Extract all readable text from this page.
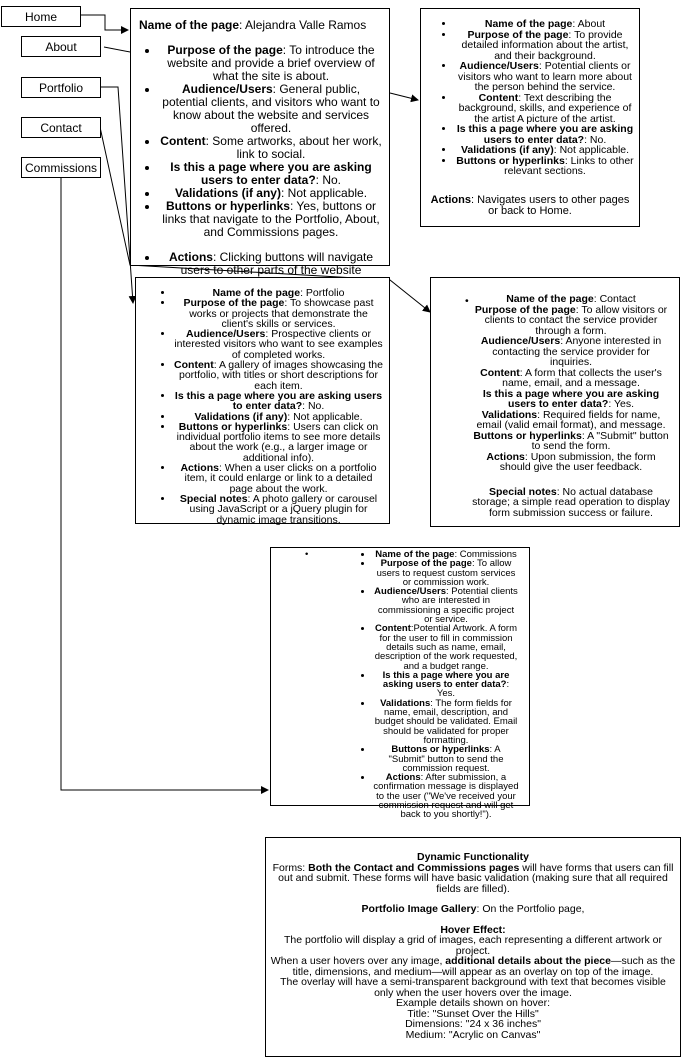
Home
About
Portfolio
Contact
Commissions
Name of the page: Alejandra Valle Ramos
• Purpose of the page: To introduce the website and provide a brief overview of what the site is about.
• Audience/Users: General public, potential clients, and visitors who want to know about the website and services offered.
• Content: Some artworks, about her work, link to social.
• Is this a page where you are asking users to enter data?: No.
• Validations (if any): Not applicable.
• Buttons or hyperlinks: Yes, buttons or links that navigate to the Portfolio, About, and Commissions pages.
• Actions: Clicking buttons will navigate users to other parts of the website
• Name of the page: About
• Purpose of the page: To provide detailed information about the artist, and their background.
• Audience/Users: Potential clients or visitors who want to learn more about the person behind the service.
• Content: Text describing the background, skills, and experience of the artist A picture of the artist.
• Is this a page where you are asking users to enter data?: No.
• Validations (if any): Not applicable.
• Buttons or hyperlinks: Links to other relevant sections.
Actions: Navigates users to other pages or back to Home.
• Name of the page: Portfolio
• Purpose of the page: To showcase past works or projects that demonstrate the client's skills or services.
• Audience/Users: Prospective clients or interested visitors who want to see examples of completed works.
• Content: A gallery of images showcasing the portfolio, with titles or short descriptions for each item.
• Is this a page where you are asking users to enter data?: No.
• Validations (if any): Not applicable.
• Buttons or hyperlinks: Users can click on individual portfolio items to see more details about the work (e.g., a larger image or additional info).
• Actions: When a user clicks on a portfolio item, it could enlarge or link to a detailed page about the work.
• Special notes: A photo gallery or carousel using JavaScript or a jQuery plugin for dynamic image transitions.
•	Name of the page: Contact
Purpose of the page: To allow visitors or clients to contact the service provider through a form.
Audience/Users: Anyone interested in contacting the service provider for inquiries.
Content: A form that collects the user's name, email, and a message.
Is this a page where you are asking users to enter data?: Yes.
Validations: Required fields for name, email (valid email format), and message.
Buttons or hyperlinks: A "Submit" button to send the form.
Actions: Upon submission, the form should give the user feedback.
Special notes: No actual database storage; a simple read operation to display form submission success or failure.
•
•	Name of the page: Commissions
• Purpose of the page: To allow users to request custom services or commission work.
• Audience/Users: Potential clients who are interested in commissioning a specific project or service.
• Content:Potential Artwork. A form for the user to fill in commission details such as name, email, description of the work requested, and a budget range.
• Is this a page where you are asking users to enter data?: Yes.
• Validations: The form fields for name, email, description, and budget should be validated. Email should be validated for proper formatting.
• Buttons or hyperlinks: A "Submit" button to send the commission request.
• Actions: After submission, a confirmation message is displayed to the user ("We've received your commission request and will get back to you shortly!").
Dynamic Functionality
Forms: Both the Contact and Commissions pages will have forms that users can fill out and submit. These forms will have basic validation (making sure that all required fields are filled).
Portfolio Image Gallery: On the Portfolio page,
Hover Effect:
The portfolio will display a grid of images, each representing a different artwork or project.
When a user hovers over any image, additional details about the piece—such as the title, dimensions, and medium—will appear as an overlay on top of the image.
The overlay will have a semi-transparent background with text that becomes visible only when the user hovers over the image.
Example details shown on hover:
Title: "Sunset Over the Hills"
Dimensions: "24 x 36 inches"
Medium: "Acrylic on Canvas"
